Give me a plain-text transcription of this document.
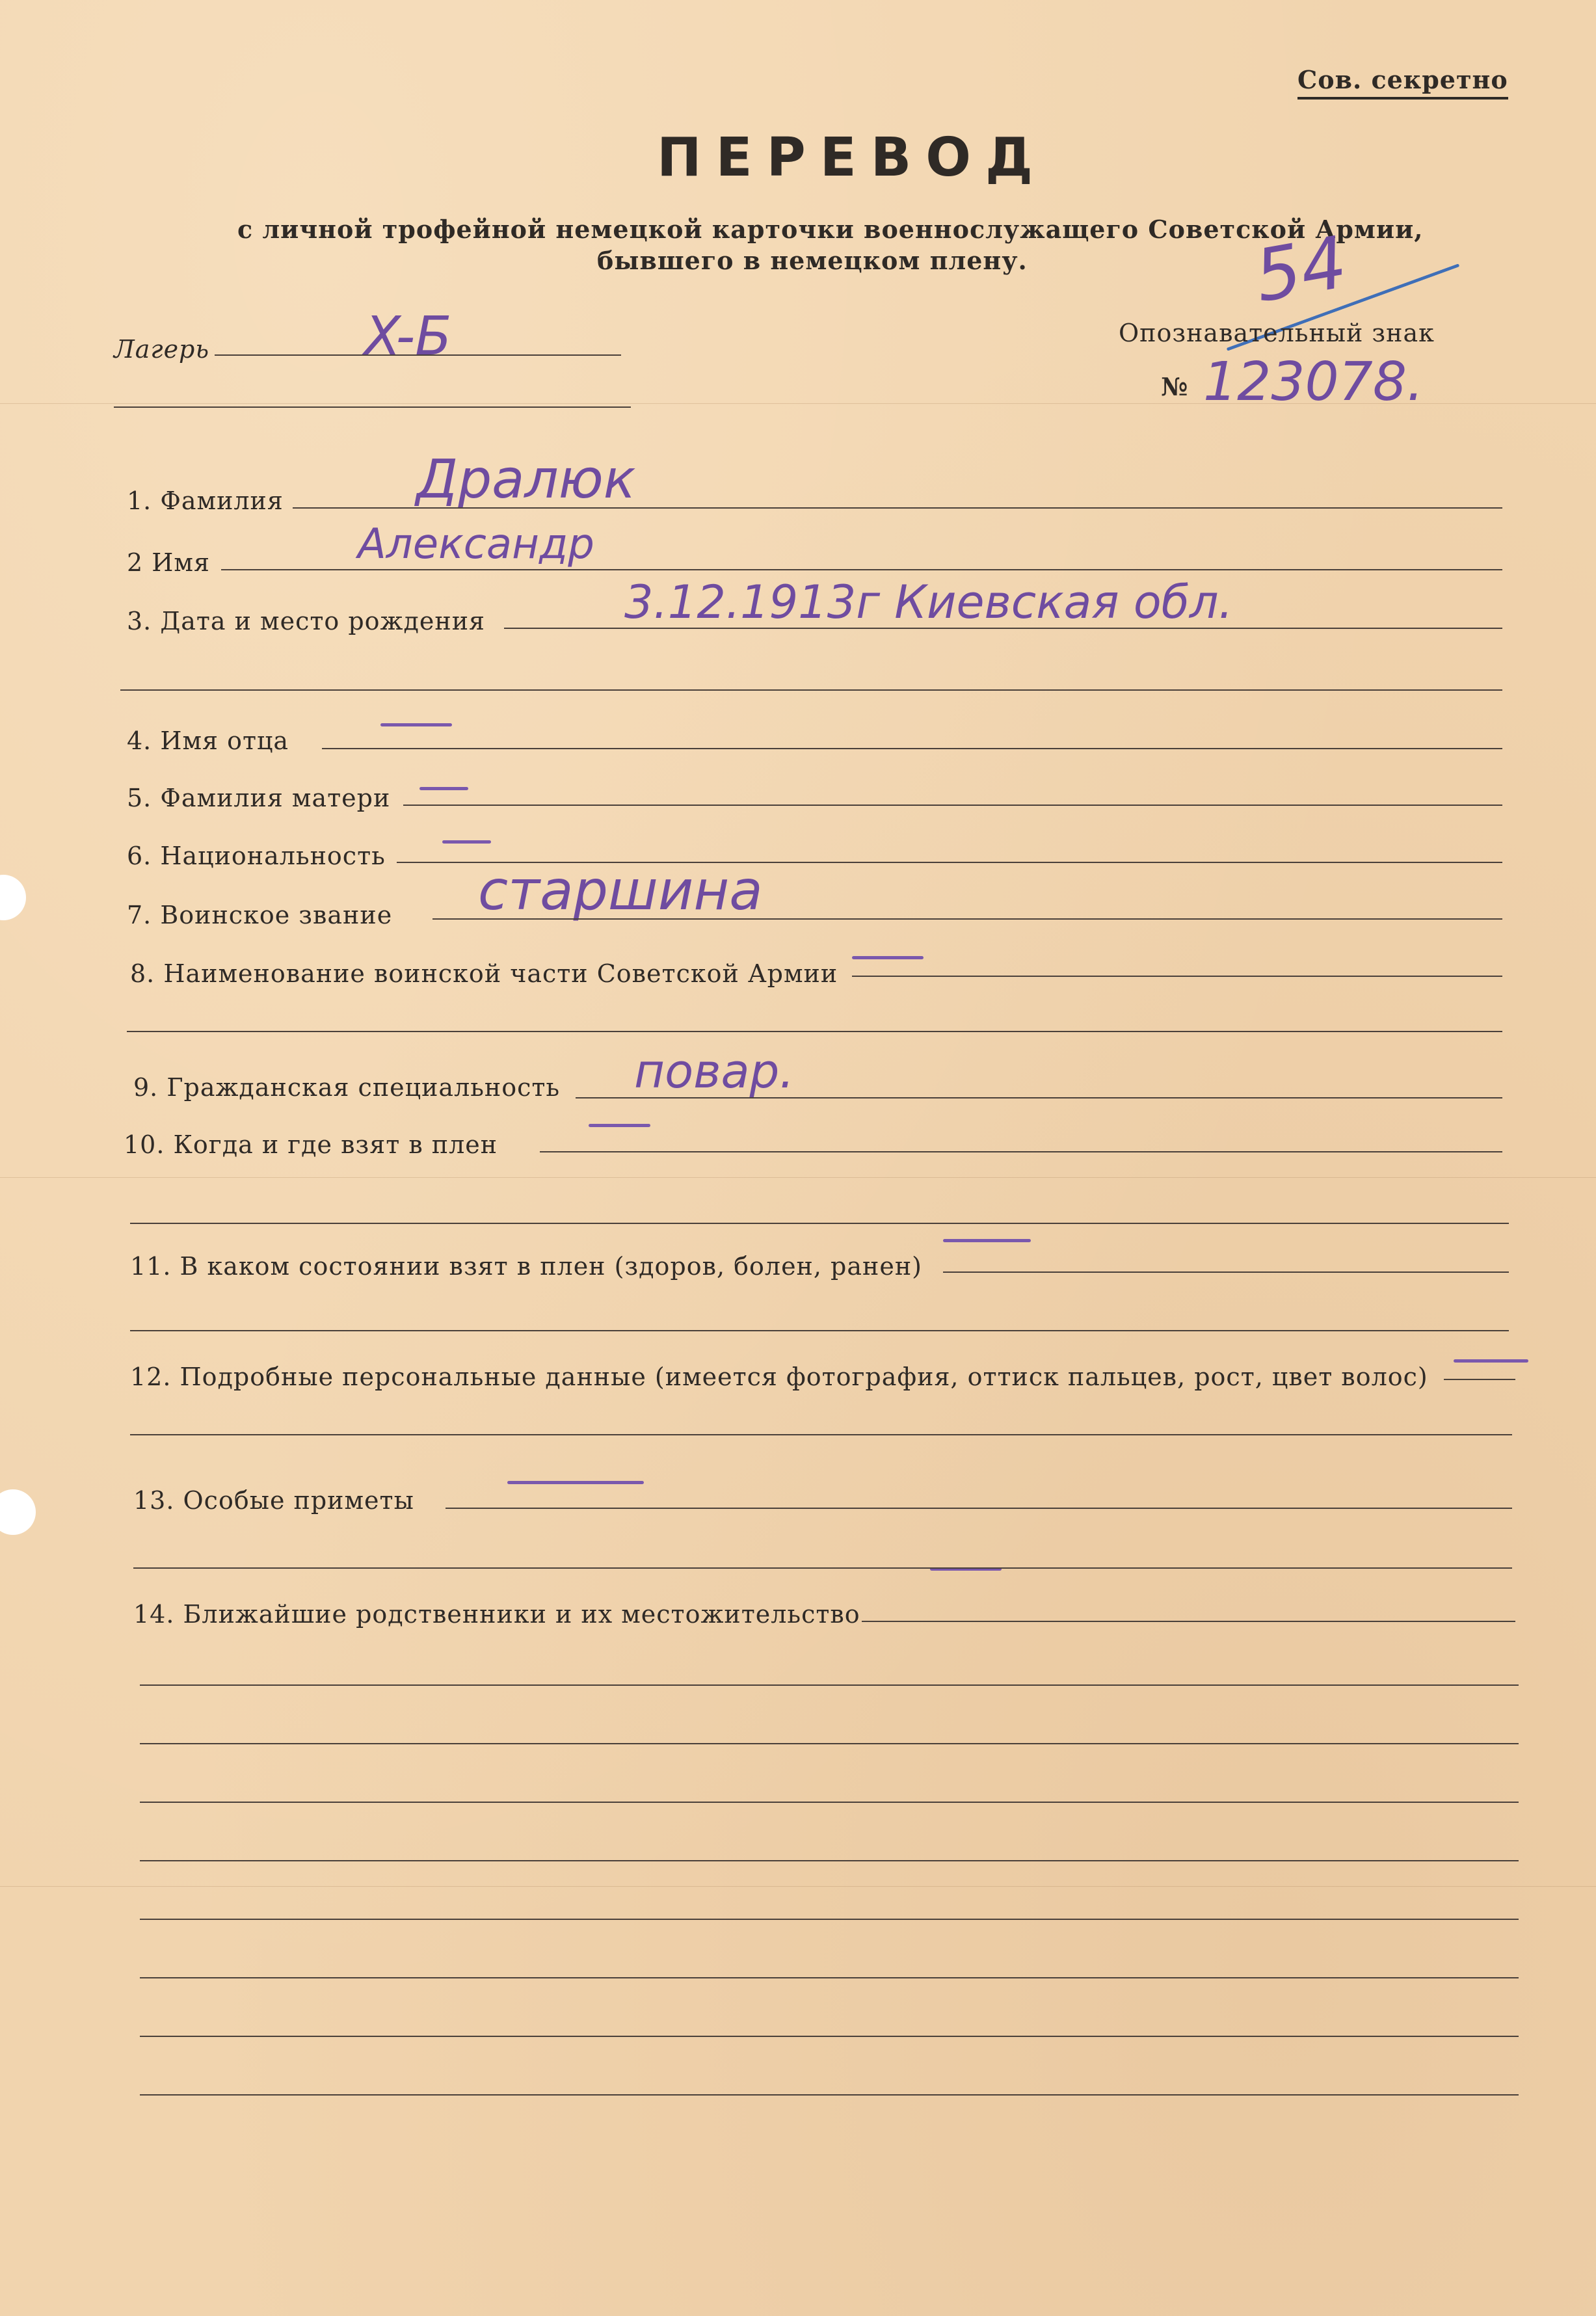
Сов. секретно
ПЕРЕВОД
с личной трофейной немецкой карточки военнослужащего Советской Армии,
бывшего в немецком плену.	54
Лагерь	X-Б	Опознавательный знак
№ 123078.
1. Фамилия Дралюк
2 Имя	Александр
3. Дата и место рождения	3.12.1913г Киевская обл.
4. Имя отца
5. Фамилия матери
6. Национальность
7. Воинское звание старшина
8. Наименование воинской части Советской Армии
9. Гражданская специальность повар.
10. Когда и где взят в плен
11. В каком состоянии взят в плен (здоров, болен, ранен)
12. Подробные персональные данные (имеется фотография, оттиск пальцев, рост, цвет волос)
13. Особые приметы
14. Ближайшие родственники и их местожительство
